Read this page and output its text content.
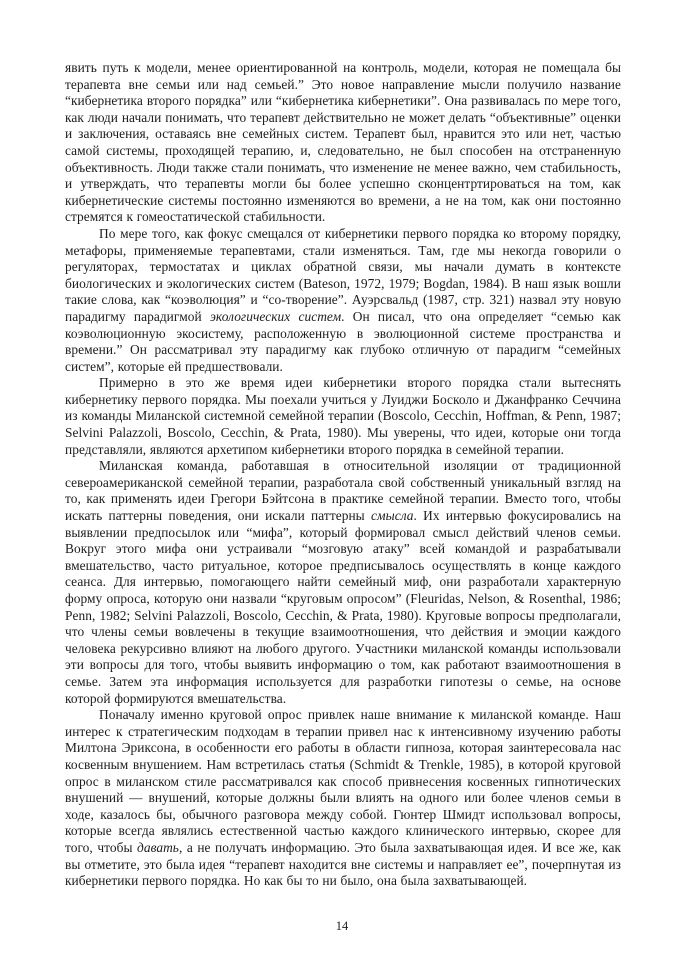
явить путь к модели, менее ориентированной на контроль, модели, которая не помещала бы терапевта вне семьи или над семьей.” Это новое направление мысли получило название “кибернетика второго порядка” или “кибернетика кибернетики”. Она развивалась по мере того, как люди начали понимать, что терапевт действительно не может делать “объективные” оценки и заключения, оставаясь вне семейных систем. Терапевт был, нравится это или нет, частью самой системы, проходящей терапию, и, следовательно, не был способен на отстраненную объективность. Люди также стали понимать, что изменение не менее важно, чем стабильность, и утверждать, что терапевты могли бы более успешно сконцентртироваться на том, как кибернетические системы постоянно изменяются во времени, а не на том, как они постоянно стремятся к гомеостатической стабильности.

По мере того, как фокус смещался от кибернетики первого порядка ко второму порядку, метафоры, применяемые терапевтами, стали изменяться. Там, где мы некогда говорили о регуляторах, термостатах и циклах обратной связи, мы начали думать в контексте биологических и экологических систем (Bateson, 1972, 1979; Bogdan, 1984). В наш язык вошли такие слова, как “коэволюция” и “со-творение”. Ауэрсвальд (1987, стр. 321) назвал эту новую парадигму парадигмой экологических систем. Он писал, что она определяет “семью как коэволюционную экосистему, расположенную в эволюционной системе пространства и времени.” Он рассматривал эту парадигму как глубоко отличную от парадигм “семейных систем”, которые ей предшествовали.

Примерно в это же время идеи кибернетики второго порядка стали вытеснять кибернетику первого порядка. Мы поехали учиться у Луиджи Босколо и Джанфранко Сеччина из команды Миланской системной семейной терапии (Boscolo, Cecchin, Hoffman, & Penn, 1987; Selvini Palazzoli, Boscolo, Cecchin, & Prata, 1980). Мы уверены, что идеи, которые они тогда представляли, являются архетипом кибернетики второго порядка в семейной терапии.

Миланская команда, работавшая в относительной изоляции от традиционной североамериканской семейной терапии, разработала свой собственный уникальный взгляд на то, как применять идеи Грегори Бэйтсона в практике семейной терапии. Вместо того, чтобы искать паттерны поведения, они искали паттерны смысла. Их интервью фокусировались на выявлении предпосылок или “мифа”, который формировал смысл действий членов семьи. Вокруг этого мифа они устраивали “мозговую атаку” всей командой и разрабатывали вмешательство, часто ритуальное, которое предписывалось осуществлять в конце каждого сеанса. Для интервью, помогающего найти семейный миф, они разработали характерную форму опроса, которую они назвали “круговым опросом” (Fleuridas, Nelson, & Rosenthal, 1986; Penn, 1982; Selvini Palazzoli, Boscolo, Cecchin, & Prata, 1980). Круговые вопросы предполагали, что члены семьи вовлечены в текущие взаимоотношения, что действия и эмоции каждого человека рекурсивно влияют на любого другого. Участники миланской команды использовали эти вопросы для того, чтобы выявить информацию о том, как работают взаимоотношения в семье. Затем эта информация используется для разработки гипотезы о семье, на основе которой формируются вмешательства.

Поначалу именно круговой опрос привлек наше внимание к миланской команде. Наш интерес к стратегическим подходам в терапии привел нас к интенсивному изучению работы Милтона Эриксона, в особенности его работы в области гипноза, которая заинтересовала нас косвенным внушением. Нам встретилась статья (Schmidt & Trenkle, 1985), в которой круговой опрос в миланском стиле рассматривался как способ привнесения косвенных гипнотических внушений — внушений, которые должны были влиять на одного или более членов семьи в ходе, казалось бы, обычного разговора между собой. Гюнтер Шмидт использовал вопросы, которые всегда являлись естественной частью каждого клинического интервью, скорее для того, чтобы давать, а не получать информацию. Это была захватывающая идея. И все же, как вы отметите, это была идея “терапевт находится вне системы и направляет ее”, почерпнутая из кибернетики первого порядка. Но как бы то ни было, она была захватывающей.

14
